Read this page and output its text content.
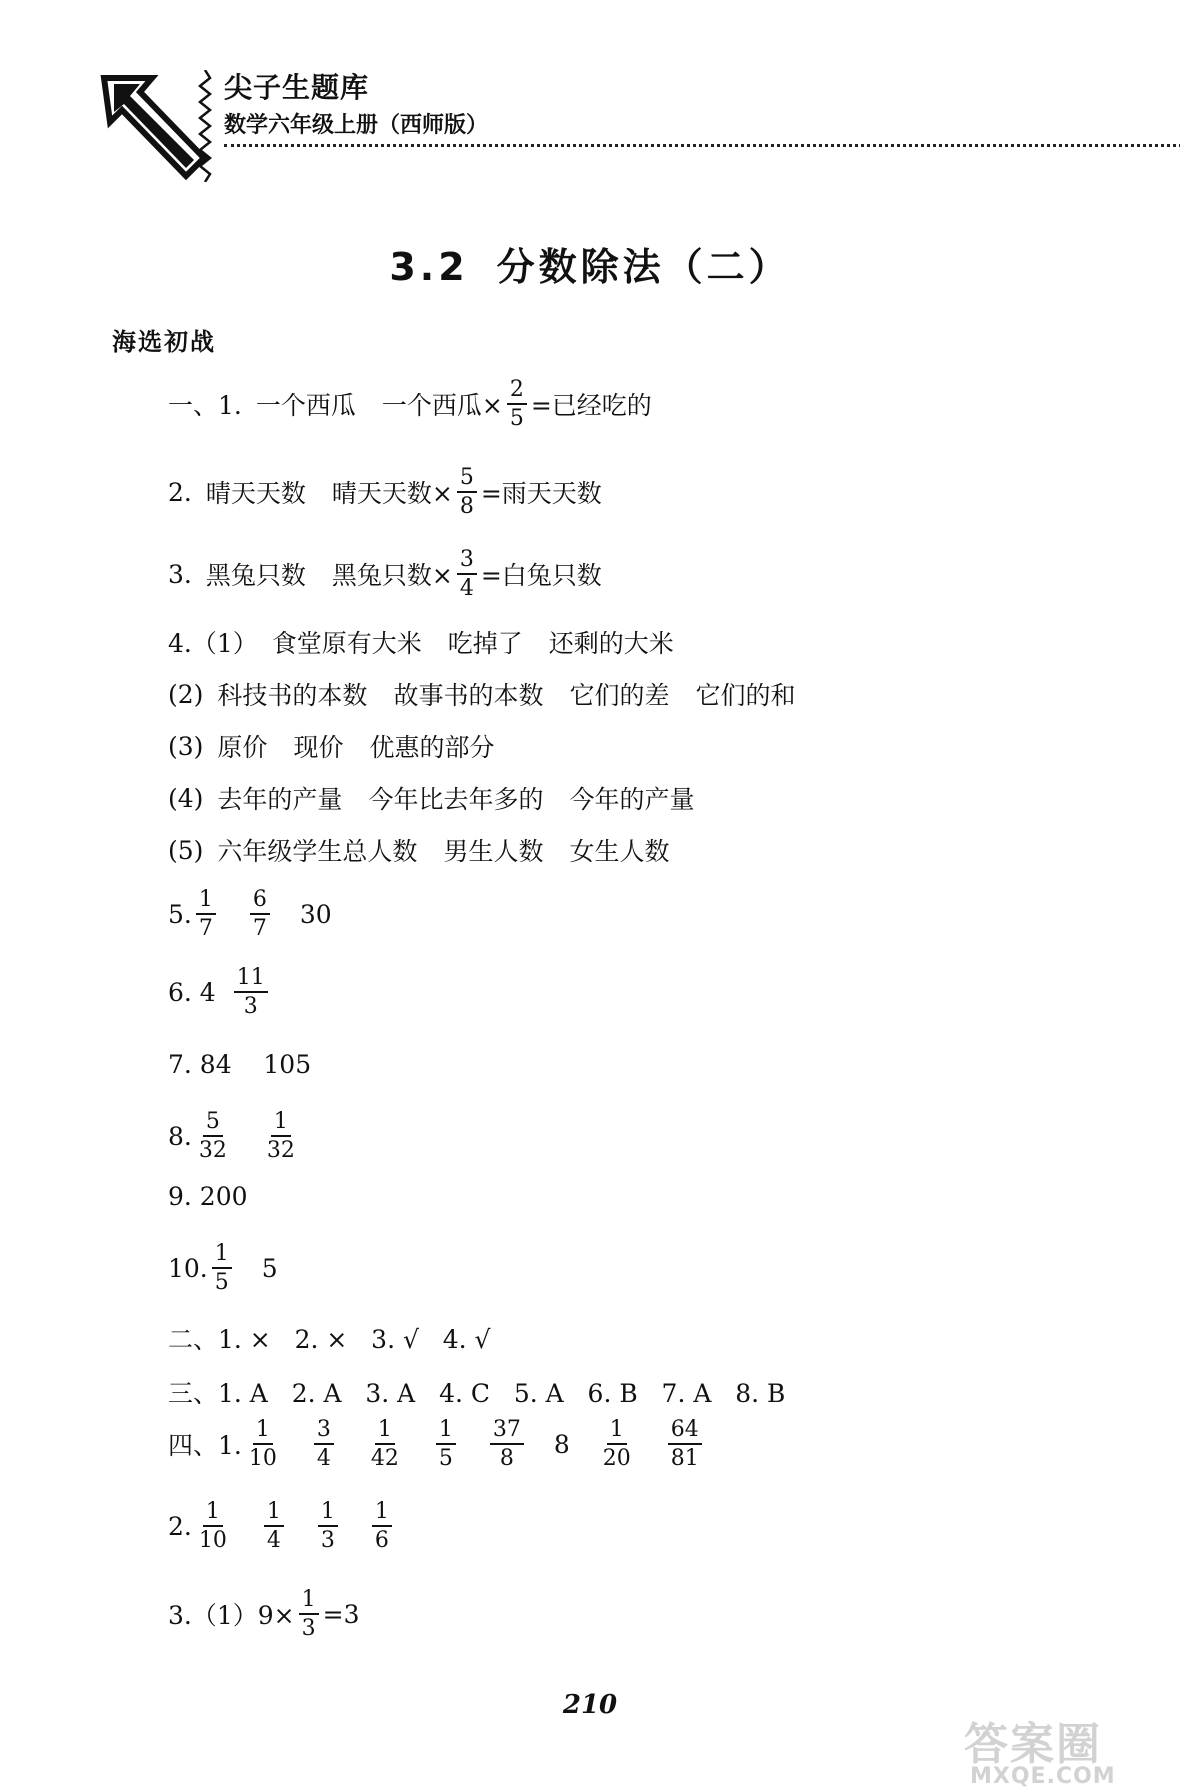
尖子生题库
数学六年级上册（西师版）
3.2 分数除法（二）
海选初战
一、1. 一个西瓜 一个西瓜× $\frac{2}{5}$ =已经吃的
2. 晴天天数 晴天天数× $\frac{5}{8}$ =雨天天数
3. 黑兔只数 黑兔只数× $\frac{3}{4}$ =白兔只数
4.（1） 食堂原有大米 吃掉了 还剩的大米
(2) 科技书的本数 故事书的本数 它们的差 它们的和
(3) 原价 现价 优惠的部分
(4) 去年的产量 今年比去年多的 今年的产量
(5) 六年级学生总人数 男生人数 女生人数
5. $\frac{1}{7} \frac{6}{7} 30$
6. $4 \frac{11}{3}$
7. 84    105
8. $\frac{5}{32} \frac{1}{32}$
9. 200
10. $\frac{1}{5} 5$
二、1. ×   2. ×   3. √   4. √
三、1. A   2. A   3. A   4. C   5. A   6. B   7. A   8. B
四、1. $\frac{1}{10} \frac{3}{4} \frac{1}{42} \frac{1}{5} \frac{37}{8} 8 \frac{1}{20} \frac{64}{81}$
2. $\frac{1}{10} \frac{1}{4} \frac{1}{3} \frac{1}{6}$
$3.(1)9\times \frac{1}{3} =3$
210
答案圈
MXQE.COM
